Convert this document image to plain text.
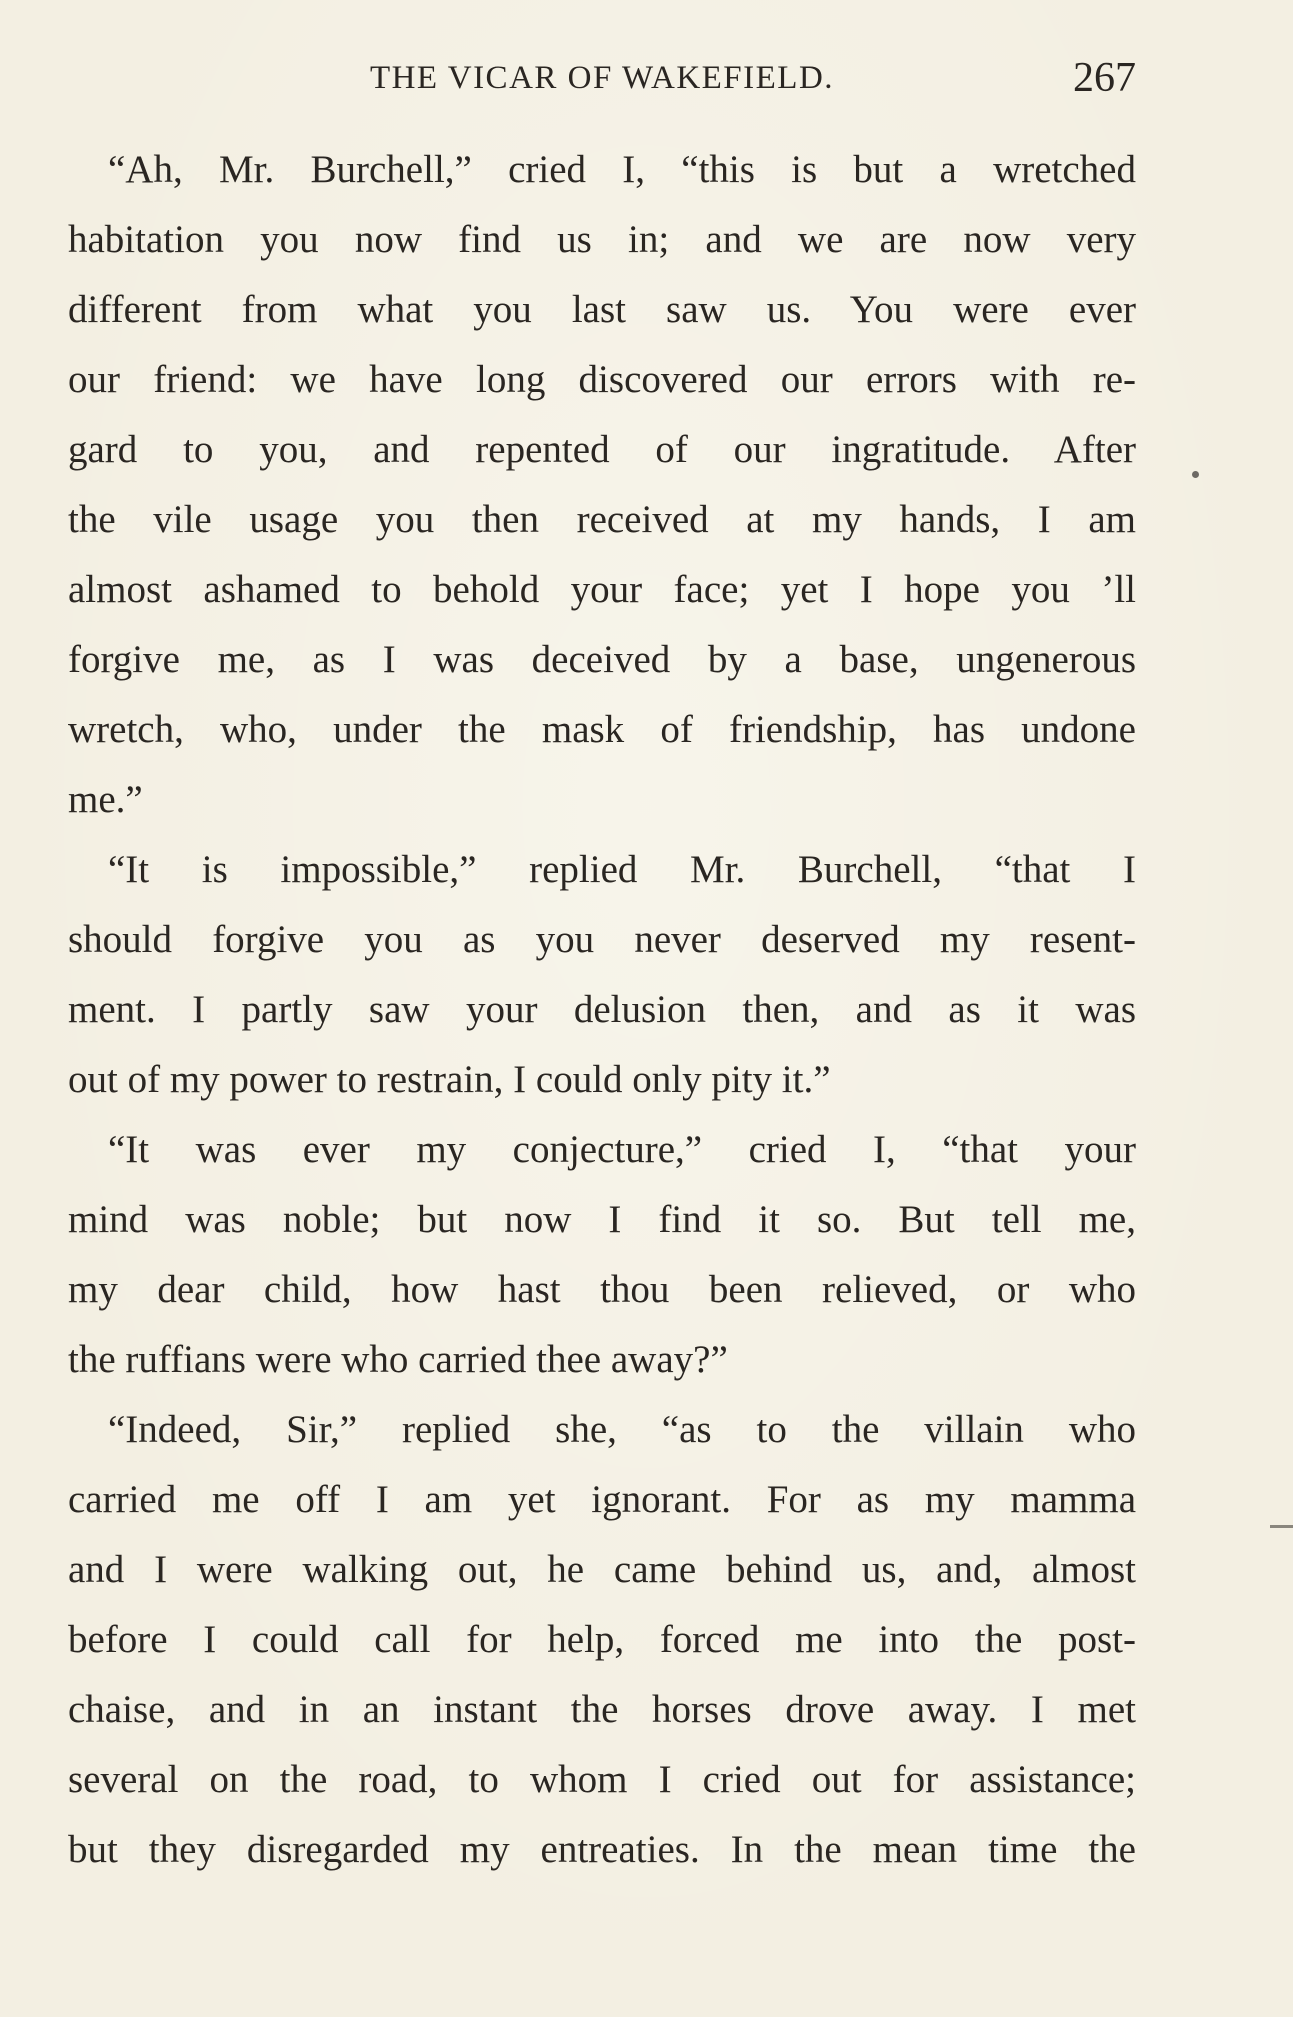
THE VICAR OF WAKEFIELD.	267
“Ah, Mr. Burchell,” cried I, “this is but a wretched
habitation you now find us in; and we are now very
different from what you last saw us. You were ever
our friend: we have long discovered our errors with re-
gard to you, and repented of our ingratitude. After
the vile usage you then received at my hands, I am
almost ashamed to behold your face; yet I hope you ’ll
forgive me, as I was deceived by a base, ungenerous
wretch, who, under the mask of friendship, has undone
me.”
“It is impossible,” replied Mr. Burchell, “that I
should forgive you as you never deserved my resent-
ment. I partly saw your delusion then, and as it was
out of my power to restrain, I could only pity it.”
“It was ever my conjecture,” cried I, “that your
mind was noble; but now I find it so. But tell me,
my dear child, how hast thou been relieved, or who
the ruffians were who carried thee away?”
“Indeed, Sir,” replied she, “as to the villain who
carried me off I am yet ignorant. For as my mamma
and I were walking out, he came behind us, and, almost
before I could call for help, forced me into the post-
chaise, and in an instant the horses drove away. I met
several on the road, to whom I cried out for assistance;
but they disregarded my entreaties. In the mean time the
